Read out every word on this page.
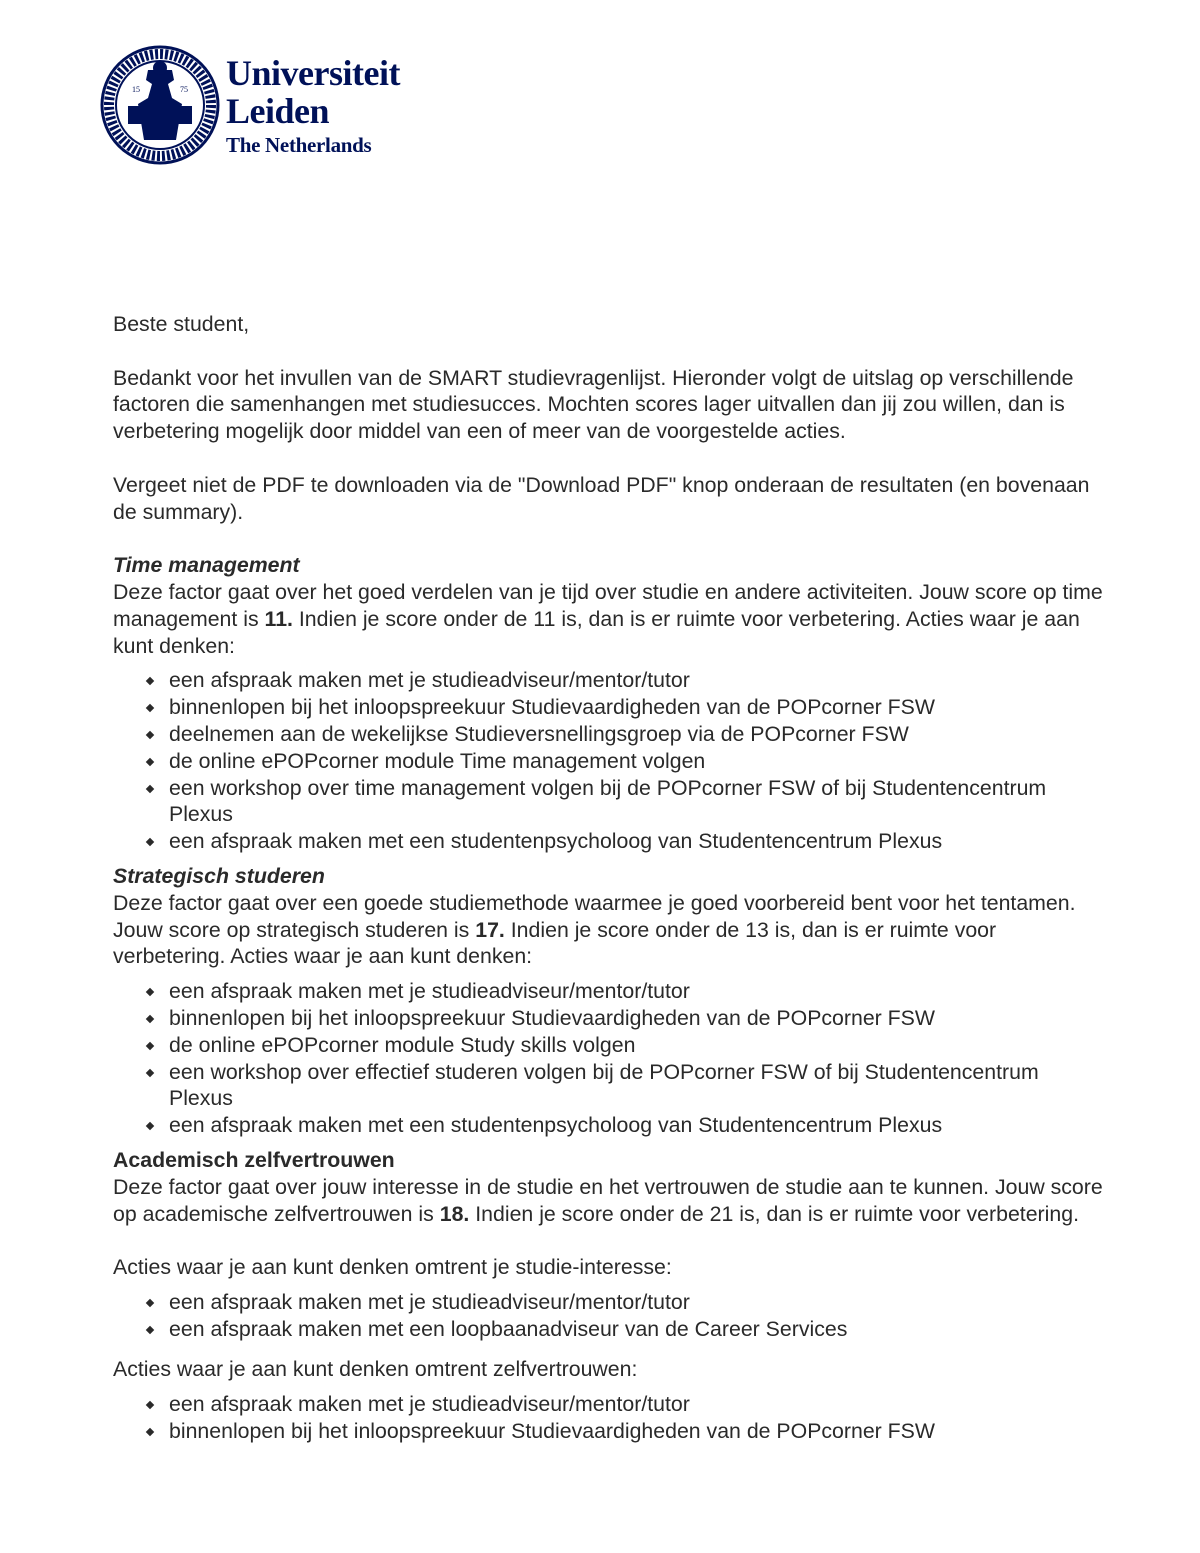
15	75 Universiteit
Leiden
The Netherlands

Beste student,

Bedankt voor het invullen van de SMART studievragenlijst. Hieronder volgt de uitslag op verschillende factoren die samenhangen met studiesucces. Mochten scores lager uitvallen dan jij zou willen, dan is verbetering mogelijk door middel van een of meer van de voorgestelde acties.

Vergeet niet de PDF te downloaden via de "Download PDF" knop onderaan de resultaten (en bovenaan de summary).

Time management

Deze factor gaat over het goed verdelen van je tijd over studie en andere activiteiten. Jouw score op time management is 11. Indien je score onder de 11 is, dan is er ruimte voor verbetering. Acties waar je aan kunt denken:

een afspraak maken met je studieadviseur/mentor/tutor
binnenlopen bij het inloopspreekuur Studievaardigheden van de POPcorner FSW
deelnemen aan de wekelijkse Studieversnellingsgroep via de POPcorner FSW
de online ePOPcorner module Time management volgen
een workshop over time management volgen bij de POPcorner FSW of bij Studentencentrum Plexus
een afspraak maken met een studentenpsycholoog van Studentencentrum Plexus

Strategisch studeren

Deze factor gaat over een goede studiemethode waarmee je goed voorbereid bent voor het tentamen. Jouw score op strategisch studeren is 17. Indien je score onder de 13 is, dan is er ruimte voor verbetering. Acties waar je aan kunt denken:

een afspraak maken met je studieadviseur/mentor/tutor
binnenlopen bij het inloopspreekuur Studievaardigheden van de POPcorner FSW
de online ePOPcorner module Study skills volgen
een workshop over effectief studeren volgen bij de POPcorner FSW of bij Studentencentrum Plexus
een afspraak maken met een studentenpsycholoog van Studentencentrum Plexus

Academisch zelfvertrouwen

Deze factor gaat over jouw interesse in de studie en het vertrouwen de studie aan te kunnen. Jouw score op academische zelfvertrouwen is 18. Indien je score onder de 21 is, dan is er ruimte voor verbetering.

Acties waar je aan kunt denken omtrent je studie-interesse:

een afspraak maken met je studieadviseur/mentor/tutor
een afspraak maken met een loopbaanadviseur van de Career Services

Acties waar je aan kunt denken omtrent zelfvertrouwen:

een afspraak maken met je studieadviseur/mentor/tutor
binnenlopen bij het inloopspreekuur Studievaardigheden van de POPcorner FSW
